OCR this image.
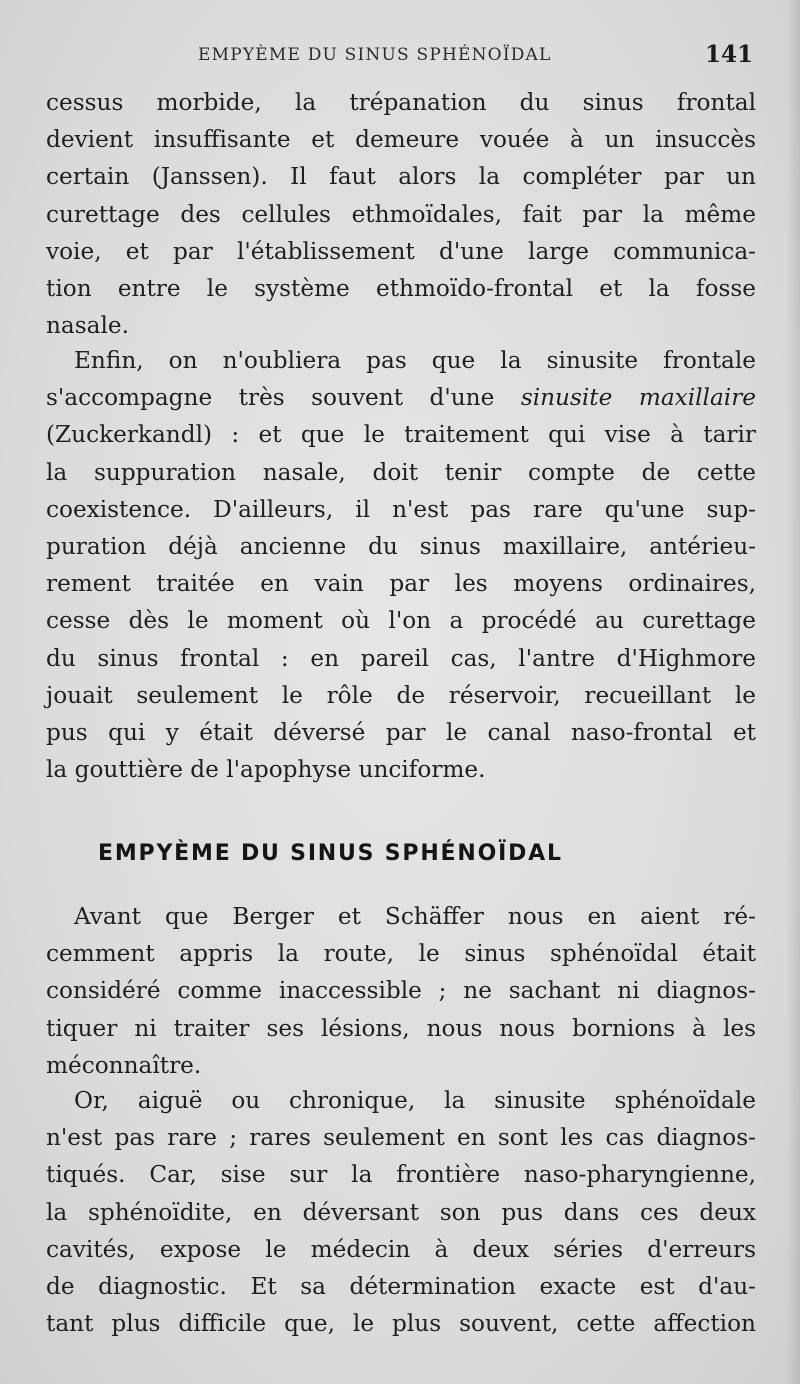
EMPYÈME DU SINUS SPHÉNOÏDAL	141
cessus morbide, la trépanation du sinus frontal
devient insuffisante et demeure vouée à un insuccès
certain (Janssen). Il faut alors la compléter par un
curettage des cellules ethmoïdales, fait par la même
voie, et par l'établissement d'une large communica-
tion entre le système ethmoïdo-frontal et la fosse
nasale.
Enfin, on n'oubliera pas que la sinusite frontale
s'accompagne très souvent d'une sinusite maxillaire
(Zuckerkandl) : et que le traitement qui vise à tarir
la suppuration nasale, doit tenir compte de cette
coexistence. D'ailleurs, il n'est pas rare qu'une sup-
puration déjà ancienne du sinus maxillaire, antérieu-
rement traitée en vain par les moyens ordinaires,
cesse dès le moment où l'on a procédé au curettage
du sinus frontal : en pareil cas, l'antre d'Highmore
jouait seulement le rôle de réservoir, recueillant le
pus qui y était déversé par le canal naso-frontal et
la gouttière de l'apophyse unciforme.
EMPYÈME DU SINUS SPHÉNOÏDAL
Avant que Berger et Schäffer nous en aient ré-
cemment appris la route, le sinus sphénoïdal était
considéré comme inaccessible ; ne sachant ni diagnos-
tiquer ni traiter ses lésions, nous nous bornions à les
méconnaître.
Or, aiguë ou chronique, la sinusite sphénoïdale
n'est pas rare ; rares seulement en sont les cas diagnos-
tiqués. Car, sise sur la frontière naso-pharyngienne,
la sphénoïdite, en déversant son pus dans ces deux
cavités, expose le médecin à deux séries d'erreurs
de diagnostic. Et sa détermination exacte est d'au-
tant plus difficile que, le plus souvent, cette affection
